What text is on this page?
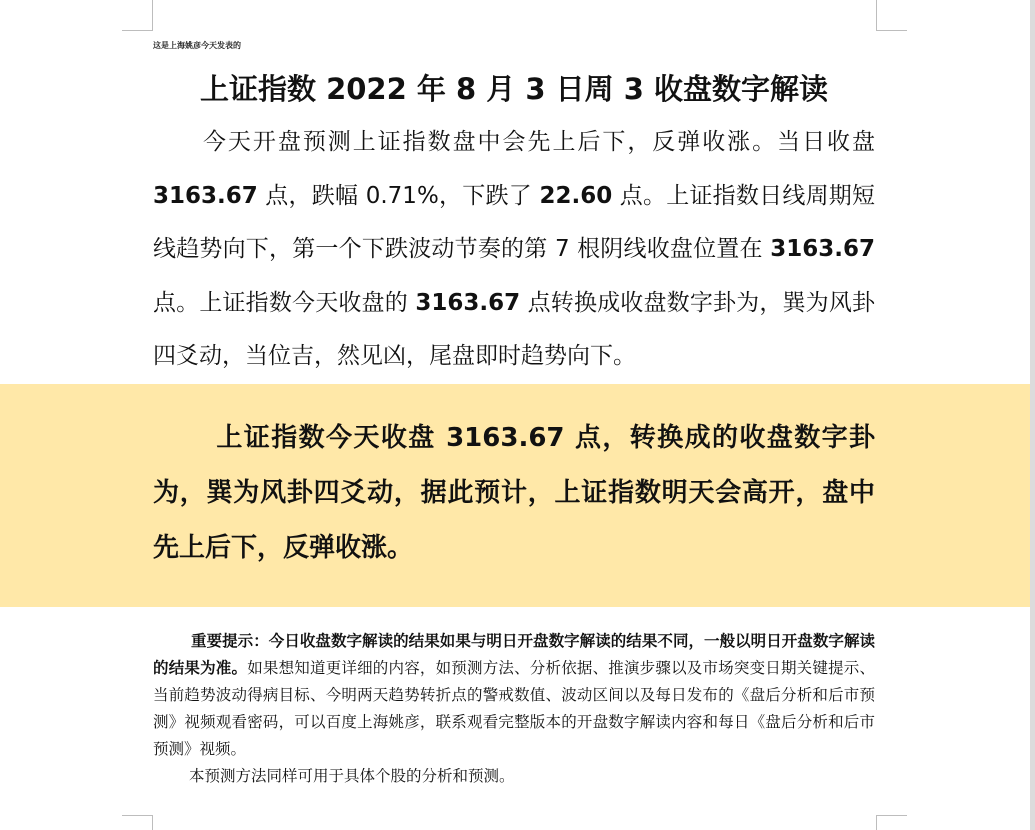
这是上海姚彦今天发表的
上证指数 2022 年 8 月 3 日周 3 收盘数字解读
今天开盘预测上证指数盘中会先上后下，反弹收涨。当日收盘3163.67 点，跌幅 0.71%，下跌了 22.60 点。上证指数日线周期短线趋势向下，第一个下跌波动节奏的第 7 根阴线收盘位置在 3163.67 点。上证指数今天收盘的 3163.67 点转换成收盘数字卦为，巽为风卦四爻动，当位吉，然见凶，尾盘即时趋势向下。
上证指数今天收盘 3163.67 点，转换成的收盘数字卦为，巽为风卦四爻动，据此预计，上证指数明天会高开，盘中先上后下，反弹收涨。
重要提示：今日收盘数字解读的结果如果与明日开盘数字解读的结果不同，一般以明日开盘数字解读的结果为准。如果想知道更详细的内容，如预测方法、分析依据、推演步骤以及市场突变日期关键提示、当前趋势波动得病目标、今明两天趋势转折点的警戒数值、波动区间以及每日发布的《盘后分析和后市预测》视频观看密码，可以百度上海姚彦，联系观看完整版本的开盘数字解读内容和每日《盘后分析和后市预测》视频。
本预测方法同样可用于具体个股的分析和预测。
